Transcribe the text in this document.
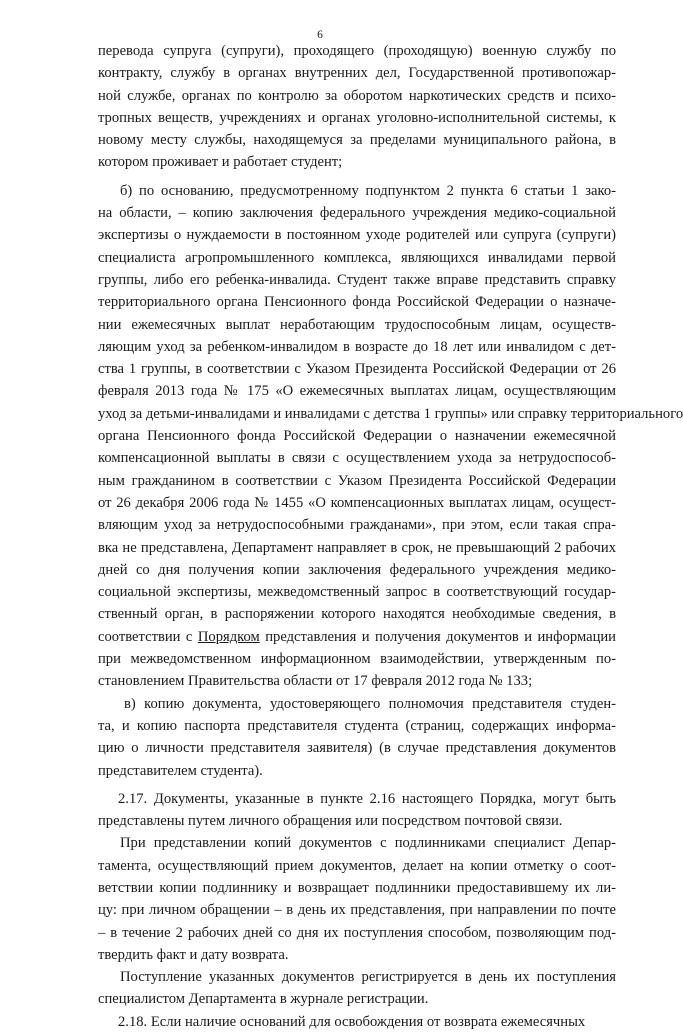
6
перевода супруга (супруги), проходящего (проходящую) военную службу по
контракту, службу в органах внутренних дел, Государственной противопожар-
ной службе, органах по контролю за оборотом наркотических средств и психо-
тропных веществ, учреждениях и органах уголовно-исполнительной системы, к
новому месту службы, находящемуся за пределами муниципального района, в
котором проживает и работает студент;
б) по основанию, предусмотренному подпунктом 2 пункта 6 статьи 1 зако-
на области, – копию заключения федерального учреждения медико-социальной
экспертизы о нуждаемости в постоянном уходе родителей или супруга (супруги)
специалиста агропромышленного комплекса, являющихся инвалидами первой
группы, либо его ребенка-инвалида. Студент также вправе представить справку
территориального органа Пенсионного фонда Российской Федерации о назначе-
нии ежемесячных выплат неработающим трудоспособным лицам, осуществ-
ляющим уход за ребенком-инвалидом в возрасте до 18 лет или инвалидом с дет-
ства 1 группы, в соответствии с Указом Президента Российской Федерации от 26
февраля 2013 года № 175 «О ежемесячных выплатах лицам, осуществляющим
уход за детьми-инвалидами и инвалидами с детства 1 группы» или справку территориального
органа Пенсионного фонда Российской Федерации о назначении ежемесячной
компенсационной выплаты в связи с осуществлением ухода за нетрудоспособ-
ным гражданином в соответствии с Указом Президента Российской Федерации
от 26 декабря 2006 года № 1455 «О компенсационных выплатах лицам, осущест-
вляющим уход за нетрудоспособными гражданами», при этом, если такая спра-
вка не представлена, Департамент направляет в срок, не превышающий 2 рабочих
дней со дня получения копии заключения федерального учреждения медико-
социальной экспертизы, межведомственный запрос в соответствующий государ-
ственный орган, в распоряжении которого находятся необходимые сведения, в
соответствии с Порядком представления и получения документов и информации
при межведомственном информационном взаимодействии, утвержденным по-
становлением Правительства области от 17 февраля 2012 года № 133;
в) копию документа, удостоверяющего полномочия представителя студен-
та, и копию паспорта представителя студента (страниц, содержащих информа-
цию о личности представителя заявителя) (в случае представления документов
представителем студента).
2.17. Документы, указанные в пункте 2.16 настоящего Порядка, могут быть
представлены путем личного обращения или посредством почтовой связи.
При представлении копий документов с подлинниками специалист Депар-
тамента, осуществляющий прием документов, делает на копии отметку о соот-
ветствии копии подлиннику и возвращает подлинники предоставившему их ли-
цу: при личном обращении – в день их представления, при направлении по почте
– в течение 2 рабочих дней со дня их поступления способом, позволяющим под-
твердить факт и дату возврата.
Поступление указанных документов регистрируется в день их поступления
специалистом Департамента в журнале регистрации.
2.18. Если наличие оснований для освобождения от возврата ежемесячных
